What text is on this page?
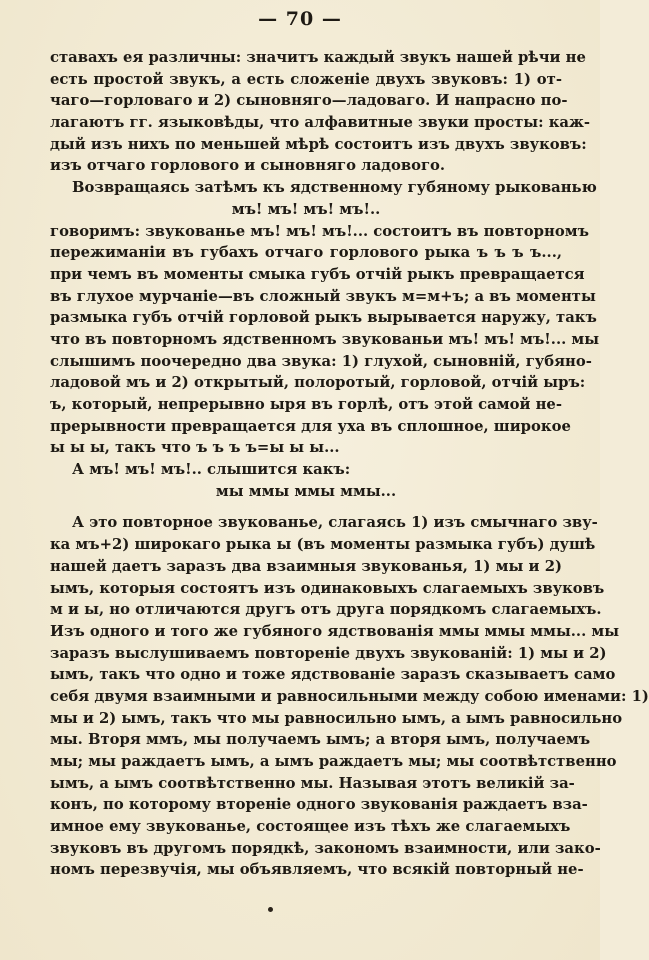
— 70 —
ставахъ ея различны: значитъ каждый звукъ нашей рѣчи не
есть простой звукъ, а есть сложеніе двухъ звуковъ: 1) от-
чаго—горловаго и 2) сыновняго—ладоваго. И напрасно по-
лагаютъ гг. языковѣды, что алфавитные звуки просты: каж-
дый изъ нихъ по меньшей мѣрѣ состоитъ изъ двухъ звуковъ:
изъ отчаго горлового и сыновняго ладового.
Возвращаясь затѣмъ къ ядственному губяному рыкованью
мъ! мъ! мъ! мъ!..
говоримъ: звукованье мъ! мъ! мъ!... состоитъ въ повторномъ
пережиманіи въ губахъ отчаго горлового рыка ъ ъ ъ ъ...,
при чемъ въ моменты смыка губъ отчій рыкъ превращается
въ глухое мурчаніе—въ сложный звукъ м=м+ъ; а въ моменты
размыка губъ отчій горловой рыкъ вырывается наружу, такъ
что въ повторномъ ядственномъ звукованьи мъ! мъ! мъ!... мы
слышимъ поочередно два звука: 1) глухой, сыновній, губяно-
ладовой мъ и 2) открытый, полоротый, горловой, отчій ыръ:
ъ, который, непрерывно ыря въ горлѣ, отъ этой самой не-
прерывности превращается для уха въ сплошное, широкое
ы ы ы, такъ что ъ ъ ъ ъ=ы ы ы...
А мъ! мъ! мъ!.. слышится какъ:
мы ммы ммы ммы...
А это повторное звукованье, слагаясь 1) изъ смычнаго зву-
ка мъ+2) широкаго рыка ы (въ моменты размыка губъ) душѣ
нашей даетъ заразъ два взаимныя звукованья, 1) мы и 2)
ымъ, которыя состоятъ изъ одинаковыхъ слагаемыхъ звуковъ
м и ы, но отличаются другъ отъ друга порядкомъ слагаемыхъ.
Изъ одного и того же губяного ядствованія ммы ммы ммы... мы
заразъ выслушиваемъ повтореніе двухъ звукованій: 1) мы и 2)
ымъ, такъ что одно и тоже ядствованіе заразъ сказываетъ само
себя двумя взаимными и равносильными между собою именами: 1)
мы и 2) ымъ, такъ что мы равносильно ымъ, а ымъ равносильно
мы. Вторя ммъ, мы получаемъ ымъ; а вторя ымъ, получаемъ
мы; мы раждаетъ ымъ, а ымъ раждаетъ мы; мы соотвѣтственно
ымъ, а ымъ соотвѣтственно мы. Называя этотъ великій за-
конъ, по которому втореніе одного звукованія раждаетъ вза-
имное ему звукованье, состоящее изъ тѣхъ же слагаемыхъ
звуковъ въ другомъ порядкѣ, закономъ взаимности, или зако-
номъ перезвучія, мы объявляемъ, что всякій повторный не-
